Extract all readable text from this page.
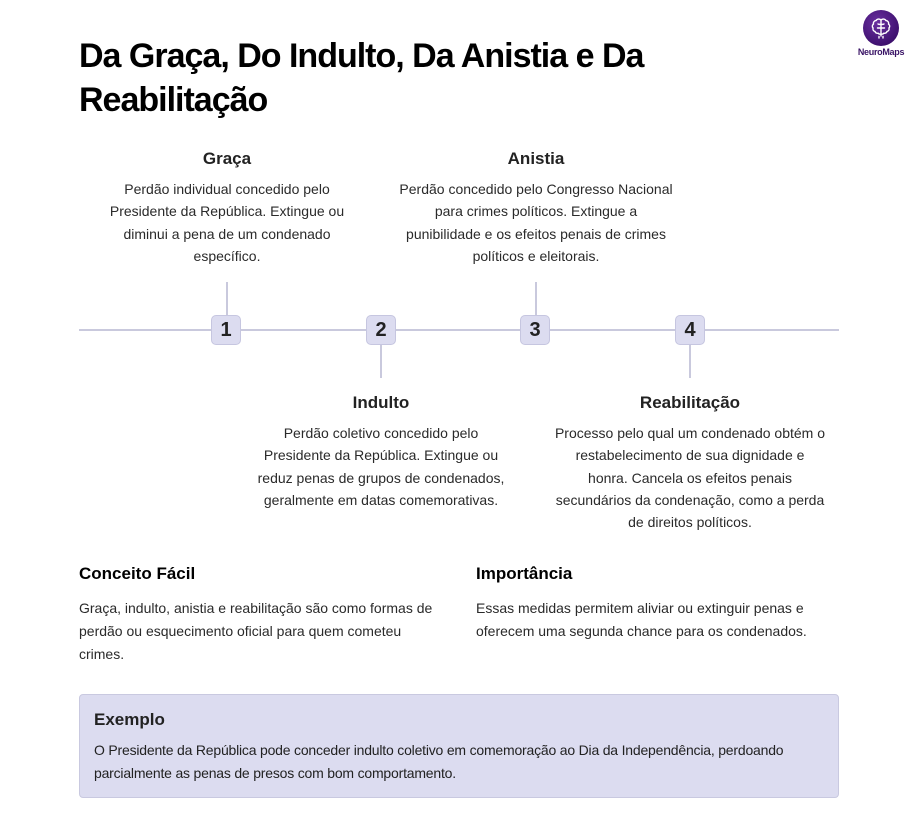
NeuroMaps
Da Graça, Do Indulto, Da Anistia e Da Reabilitação
1	2	3	4
Graça

Perdão individual concedido pelo Presidente da República. Extingue ou diminui a pena de um condenado específico.

Indulto

Perdão coletivo concedido pelo Presidente da República. Extingue ou reduz penas de grupos de condenados, geralmente em datas comemorativas.

Anistia

Perdão concedido pelo Congresso Nacional para crimes políticos. Extingue a punibilidade e os efeitos penais de crimes políticos e eleitorais.

Reabilitação

Processo pelo qual um condenado obtém o restabelecimento de sua dignidade e honra. Cancela os efeitos penais secundários da condenação, como a perda de direitos políticos.

Conceito Fácil

Graça, indulto, anistia e reabilitação são como formas de perdão ou esquecimento oficial para quem cometeu crimes.

Importância

Essas medidas permitem aliviar ou extinguir penas e oferecem uma segunda chance para os condenados.

Exemplo

O Presidente da República pode conceder indulto coletivo em comemoração ao Dia da Independência, perdoando parcialmente as penas de presos com bom comportamento.
